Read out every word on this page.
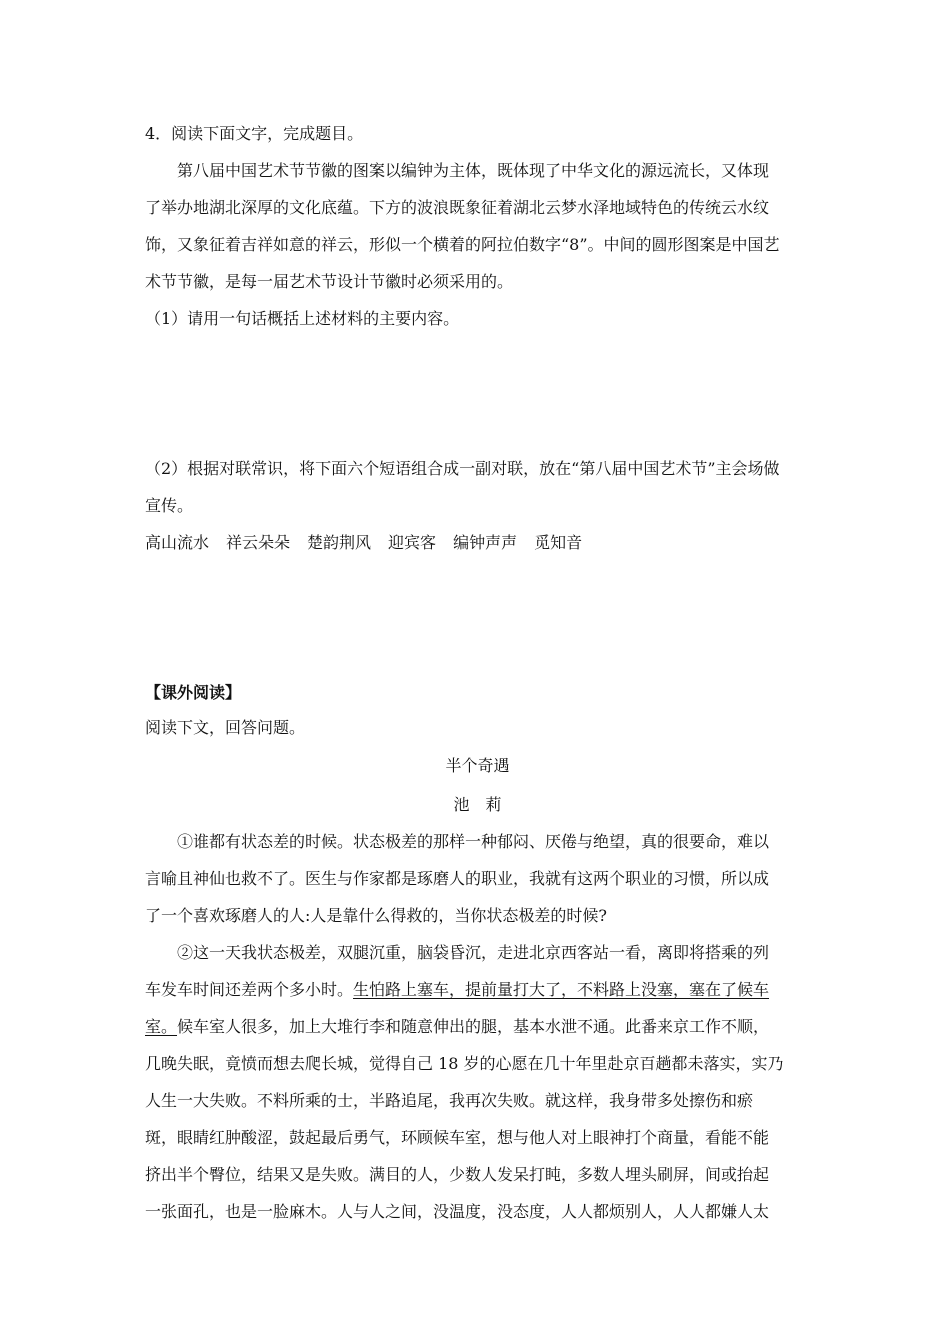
4．阅读下面文字，完成题目。
第八届中国艺术节节徽的图案以编钟为主体，既体现了中华文化的源远流长，又体现
了举办地湖北深厚的文化底蕴。下方的波浪既象征着湖北云梦水泽地域特色的传统云水纹
饰，又象征着吉祥如意的祥云，形似一个横着的阿拉伯数字“8”。中间的圆形图案是中国艺
术节节徽，是每一届艺术节设计节徽时必须采用的。
（1）请用一句话概括上述材料的主要内容。
（2）根据对联常识，将下面六个短语组合成一副对联，放在“第八届中国艺术节”主会场做
宣传。
高山流水 祥云朵朵 楚韵荆风 迎宾客 编钟声声 觅知音
【课外阅读】
阅读下文，回答问题。
半个奇遇
池　莉
①谁都有状态差的时候。状态极差的那样一种郁闷、厌倦与绝望，真的很要命，难以
言喻且神仙也救不了。医生与作家都是琢磨人的职业，我就有这两个职业的习惯，所以成
了一个喜欢琢磨人的人:人是靠什么得救的，当你状态极差的时候?
②这一天我状态极差，双腿沉重，脑袋昏沉，走进北京西客站一看，离即将搭乘的列
车发车时间还差两个多小时。生怕路上塞车，提前量打大了，不料路上没塞，塞在了候车
室。候车室人很多，加上大堆行李和随意伸出的腿，基本水泄不通。此番来京工作不顺，
几晚失眠，竟愤而想去爬长城，觉得自己 18 岁的心愿在几十年里赴京百趟都未落实，实乃
人生一大失败。不料所乘的士，半路追尾，我再次失败。就这样，我身带多处擦伤和瘀
斑，眼睛红肿酸涩，鼓起最后勇气，环顾候车室，想与他人对上眼神打个商量，看能不能
挤出半个臀位，结果又是失败。满目的人，少数人发呆打盹，多数人埋头刷屏，间或抬起
一张面孔，也是一脸麻木。人与人之间，没温度，没态度，人人都烦别人，人人都嫌人太
